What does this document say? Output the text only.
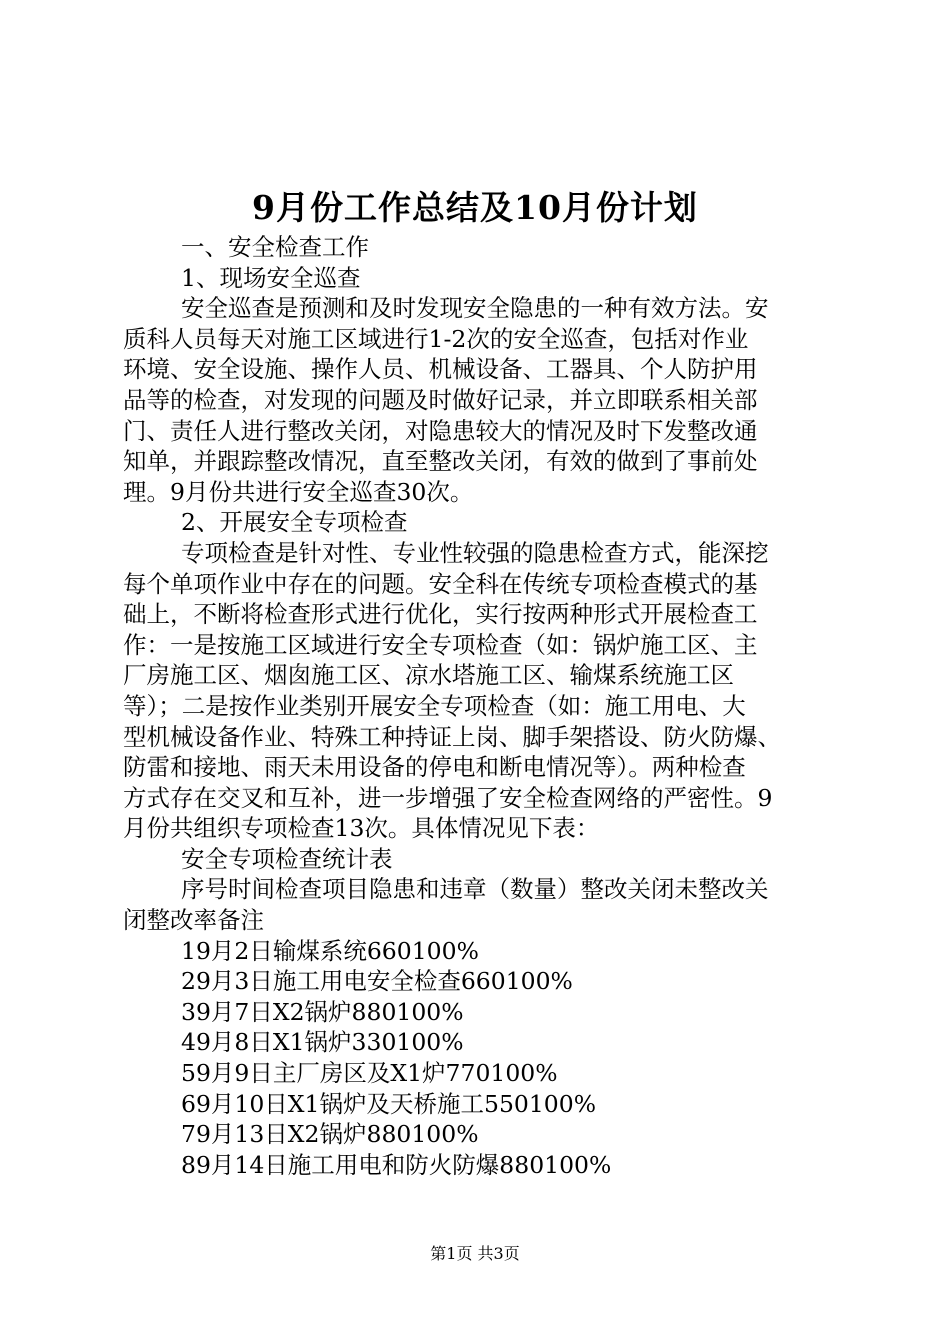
9月份工作总结及10月份计划
一、安全检查工作
1、现场安全巡查
安全巡查是预测和及时发现安全隐患的一种有效方法。安
质科人员每天对施工区域进行1-2次的安全巡查，包括对作业
环境、安全设施、操作人员、机械设备、工器具、个人防护用
品等的检查，对发现的问题及时做好记录，并立即联系相关部
门、责任人进行整改关闭，对隐患较大的情况及时下发整改通
知单，并跟踪整改情况，直至整改关闭，有效的做到了事前处
理。9月份共进行安全巡查30次。
2、开展安全专项检查
专项检查是针对性、专业性较强的隐患检查方式，能深挖
每个单项作业中存在的问题。安全科在传统专项检查模式的基
础上，不断将检查形式进行优化，实行按两种形式开展检查工
作：一是按施工区域进行安全专项检查（如：锅炉施工区、主
厂房施工区、烟囱施工区、凉水塔施工区、输煤系统施工区
等）；二是按作业类别开展安全专项检查（如：施工用电、大
型机械设备作业、特殊工种持证上岗、脚手架搭设、防火防爆、
防雷和接地、雨天未用设备的停电和断电情况等）。两种检查
方式存在交叉和互补，进一步增强了安全检查网络的严密性。9
月份共组织专项检查13次。具体情况见下表：
安全专项检查统计表
序号时间检查项目隐患和违章（数量）整改关闭未整改关
闭整改率备注
19月2日输煤系统660100%
29月3日施工用电安全检查660100%
39月7日X2锅炉880100%
49月8日X1锅炉330100%
59月9日主厂房区及X1炉770100%
69月10日X1锅炉及天桥施工550100%
79月13日X2锅炉880100%
89月14日施工用电和防火防爆880100%
第1页 共3页
